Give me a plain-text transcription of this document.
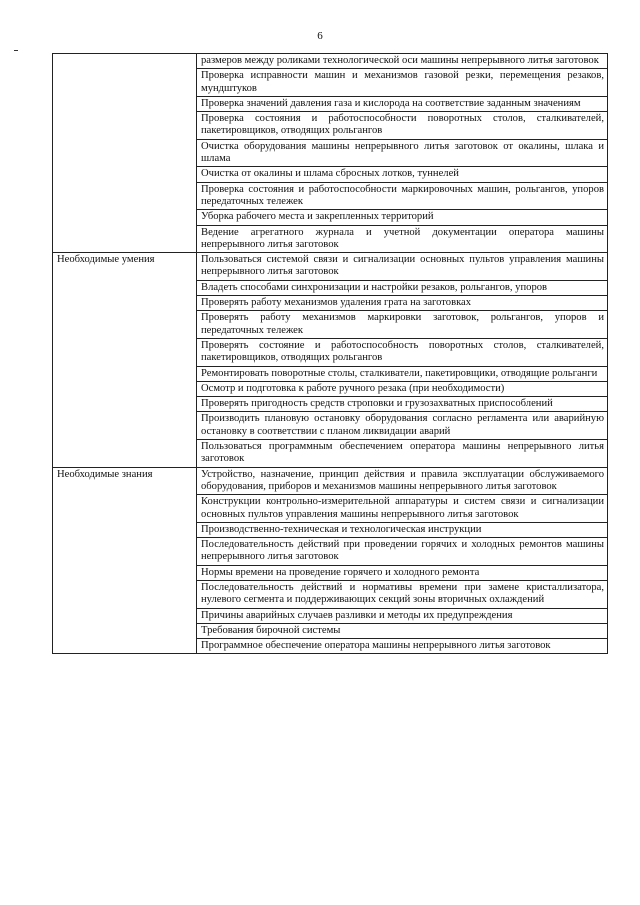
6
	размеров между роликами технологической оси машины непрерывного литья заготовок
	Проверка исправности машин и механизмов газовой резки, перемещения резаков, мундштуков
	Проверка значений давления газа и кислорода на соответствие заданным значениям
	Проверка состояния и работоспособности поворотных столов, сталкивателей, пакетировщиков, отводящих рольгангов
	Очистка оборудования машины непрерывного литья заготовок от окалины, шлака и шлама
	Очистка от окалины и шлама сбросных лотков, туннелей
	Проверка состояния и работоспособности маркировочных машин, рольгангов, упоров передаточных тележек
	Уборка рабочего места и закрепленных территорий
	Ведение агрегатного журнала и учетной документации оператора машины непрерывного литья заготовок
Необходимые умения	Пользоваться системой связи и сигнализации основных пультов управления машины непрерывного литья заготовок
	Владеть способами синхронизации и настройки резаков, рольгангов, упоров
	Проверять работу механизмов удаления грата на заготовках
	Проверять работу механизмов маркировки заготовок, рольгангов, упоров и передаточных тележек
	Проверять состояние и работоспособность поворотных столов, сталкивателей, пакетировщиков, отводящих рольгангов
	Ремонтировать поворотные столы, сталкиватели, пакетировщики, отводящие рольганги
	Осмотр и подготовка к работе ручного резака (при необходимости)
	Проверять пригодность средств строповки и грузозахватных приспособлений
	Производить плановую остановку оборудования согласно регламента или аварийную остановку в соответствии с планом ликвидации аварий
	Пользоваться программным обеспечением оператора машины непрерывного литья заготовок
Необходимые знания	Устройство, назначение, принцип действия и правила эксплуатации обслуживаемого оборудования, приборов и механизмов машины непрерывного литья заготовок
	Конструкции контрольно-измерительной аппаратуры и систем связи и сигнализации основных пультов управления машины непрерывного литья заготовок
	Производственно-техническая и технологическая инструкции
	Последовательность действий при проведении горячих и холодных ремонтов машины непрерывного литья заготовок
	Нормы времени на проведение горячего и холодного ремонта
	Последовательность действий и нормативы времени при замене кристаллизатора, нулевого сегмента и поддерживающих секций зоны вторичных охлаждений
	Причины аварийных случаев разливки и методы их предупреждения
	Требования бирочной системы
	Программное обеспечение оператора машины непрерывного литья заготовок
